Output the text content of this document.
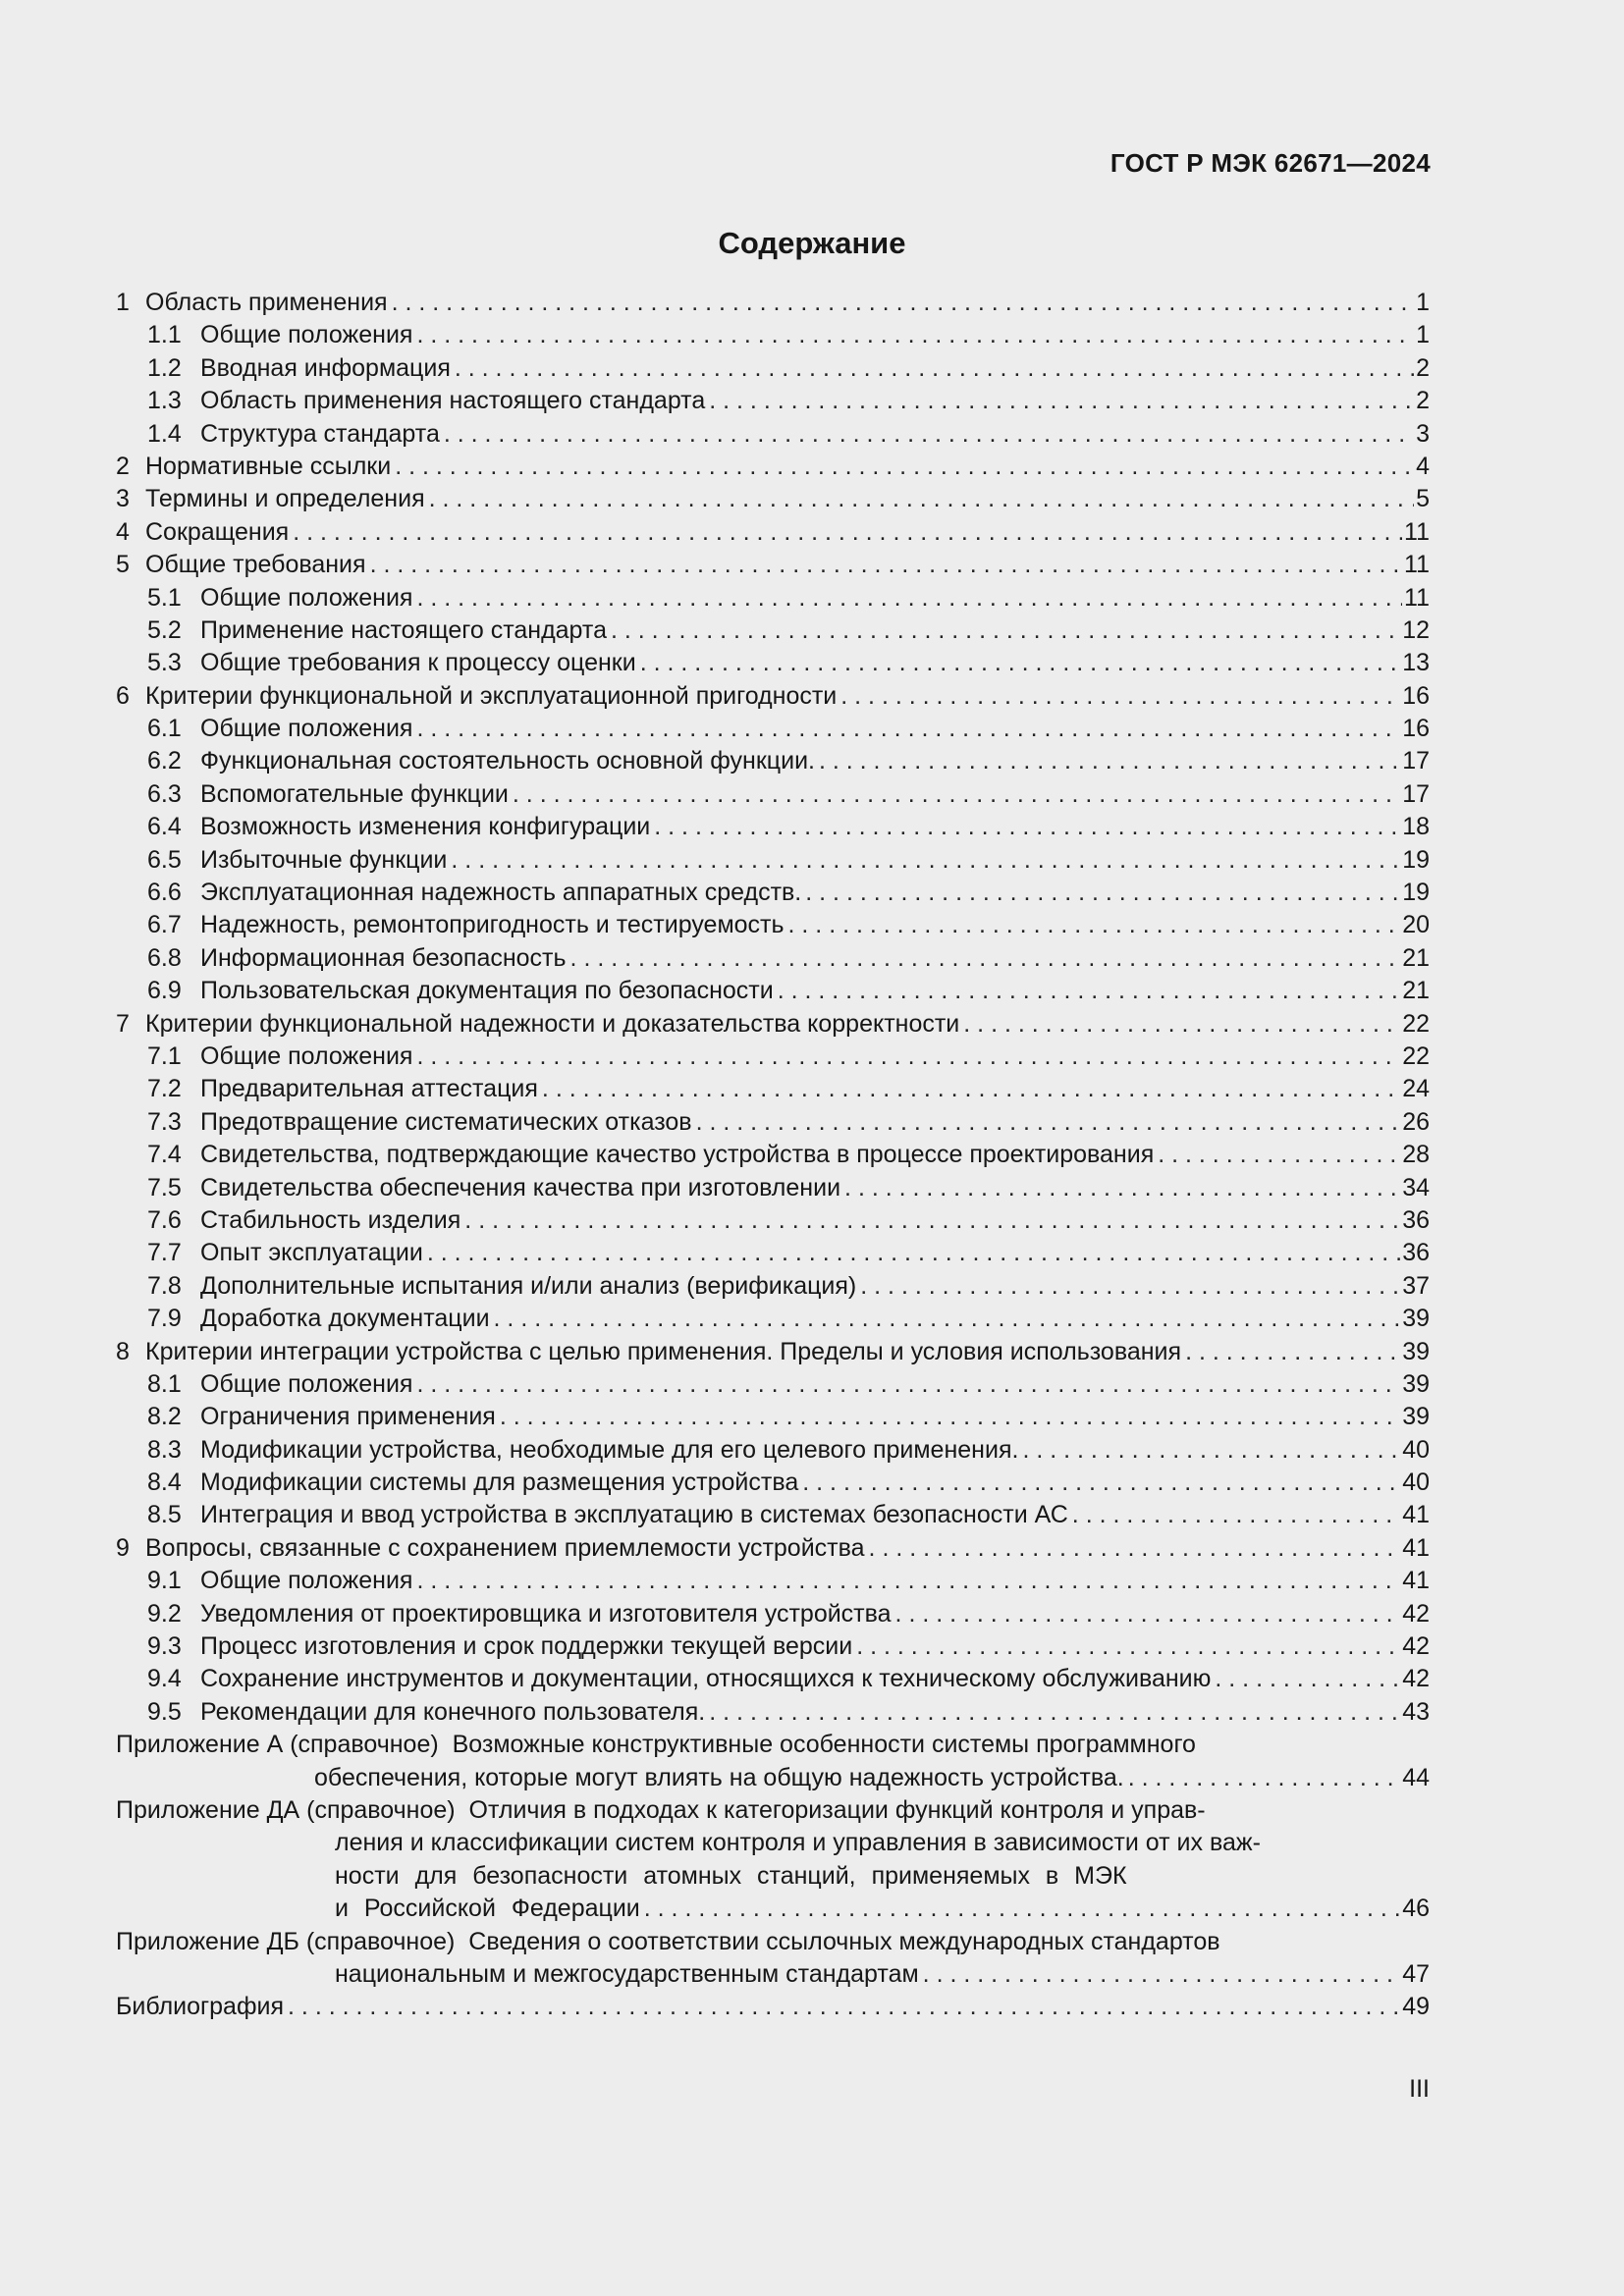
ГОСТ Р МЭК 62671—2024
Содержание
1 Область применения . . .	1
1.1 Общие положения . . .	1
1.2 Вводная информация . . .	2
1.3 Область применения настоящего стандарта . . .	2
1.4 Структура стандарта . . .	3
2 Нормативные ссылки . . .	4
3 Термины и определения . . .	5
4 Сокращения . . .	11
5 Общие требования . . .	11
5.1 Общие положения . . .	11
5.2 Применение настоящего стандарта . . .	12
5.3 Общие требования к процессу оценки . . .	13
6 Критерии функциональной и эксплуатационной пригодности . . .	16
6.1 Общие положения . . .	16
6.2 Функциональная состоятельность основной функции. . . .	17
6.3 Вспомогательные функции . . .	17
6.4 Возможность изменения конфигурации . . .	18
6.5 Избыточные функции . . .	19
6.6 Эксплуатационная надежность аппаратных средств. . . .	19
6.7 Надежность, ремонтопригодность и тестируемость . . .	20
6.8 Информационная безопасность . . .	21
6.9 Пользовательская документация по безопасности . . .	21
7 Критерии функциональной надежности и доказательства корректности . . .	22
7.1 Общие положения . . .	22
7.2 Предварительная аттестация . . .	24
7.3 Предотвращение систематических отказов . . .	26
7.4 Свидетельства, подтверждающие качество устройства в процессе проектирования . . .	28
7.5 Свидетельства обеспечения качества при изготовлении . . .	34
7.6 Стабильность изделия . . .	36
7.7 Опыт эксплуатации . . .	36
7.8 Дополнительные испытания и/или анализ (верификация) . . .	37
7.9 Доработка документации . . .	39
8 Критерии интеграции устройства с целью применения. Пределы и условия использования . . .	39
8.1 Общие положения . . .	39
8.2 Ограничения применения . . .	39
8.3 Модификации устройства, необходимые для его целевого применения. . . .	40
8.4 Модификации системы для размещения устройства . . .	40
8.5 Интеграция и ввод устройства в эксплуатацию в системах безопасности АС . . .	41
9 Вопросы, связанные с сохранением приемлемости устройства . . .	41
9.1 Общие положения . . .	41
9.2 Уведомления от проектировщика и изготовителя устройства . . .	42
9.3 Процесс изготовления и срок поддержки текущей версии . . .	42
9.4 Сохранение инструментов и документации, относящихся к техническому обслуживанию . . .	42
9.5 Рекомендации для конечного пользователя. . . .	43
Приложение А (справочное) Возможные конструктивные особенности системы программного
обеспечения, которые могут влиять на общую надежность устройства. . . .	44
Приложение ДА (справочное) Отличия в подходах к категоризации функций контроля и управ-
ления и классификации систем контроля и управления в зависимости от их важ-
ности для безопасности атомных станций, применяемых в МЭК
и Российской Федерации . . .	46
Приложение ДБ (справочное) Сведения о соответствии ссылочных международных стандартов
национальным и межгосударственным стандартам . . .	47
Библиография . . .	49
III
